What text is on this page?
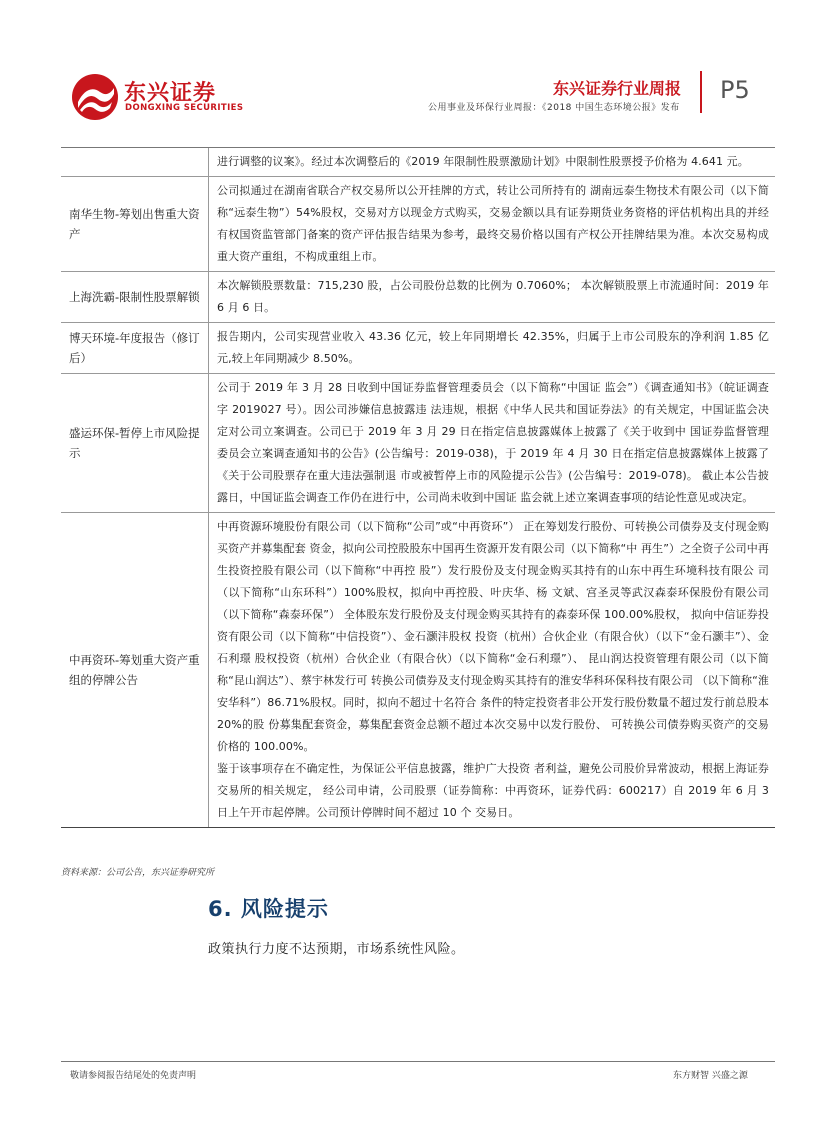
东兴证券
DONGXING SECURITIES
东兴证券行业周报
公用事业及环保行业周报：《2018 中国生态环境公报》发布
P5

进行调整的议案》。经过本次调整后的《2019 年限制性股票激励计划》中限制性股票授予价格为 4.641 元。

南华生物-筹划出售重大资产

公司拟通过在湖南省联合产权交易所以公开挂牌的方式，转让公司所持有的 湖南远泰生物技术有限公司（以下简称“远泰生物”）54%股权，交易对方以现金方式购买，交易金额以具有证券期货业务资格的评估机构出具的并经有权国资监管部门备案的资产评估报告结果为参考，最终交易价格以国有产权公开挂牌结果为准。本次交易构成重大资产重组，不构成重组上市。

上海洗霸-限制性股票解锁

本次解锁股票数量：715,230 股，占公司股份总数的比例为 0.7060%； 本次解锁股票上市流通时间：2019 年 6 月 6 日。

博天环境-年度报告（修订后）

报告期内，公司实现营业收入 43.36 亿元，较上年同期增长 42.35%，归属于上市公司股东的净利润 1.85 亿元,较上年同期减少 8.50%。

盛运环保-暂停上市风险提示

公司于 2019 年 3 月 28 日收到中国证券监督管理委员会（以下简称“中国证 监会”）《调查通知书》（皖证调查字 2019027 号）。因公司涉嫌信息披露违 法违规，根据《中华人民共和国证券法》的有关规定，中国证监会决定对公司立案调查。公司已于 2019 年 3 月 29 日在指定信息披露媒体上披露了《关于收到中 国证券监督管理委员会立案调查通知书的公告》(公告编号：2019-038)，于 2019 年 4 月 30 日在指定信息披露媒体上披露了《关于公司股票存在重大违法强制退 市或被暂停上市的风险提示公告》(公告编号：2019-078)。 截止本公告披露日，中国证监会调查工作仍在进行中，公司尚未收到中国证 监会就上述立案调查事项的结论性意见或决定。

中再资环-筹划重大资产重组的停牌公告

中再资源环境股份有限公司（以下简称“公司”或“中再资环”） 正在筹划发行股份、可转换公司债券及支付现金购买资产并募集配套 资金，拟向公司控股股东中国再生资源开发有限公司（以下简称“中 再生”）之全资子公司中再生投资控股有限公司（以下简称“中再控 股”）发行股份及支付现金购买其持有的山东中再生环境科技有限公 司（以下简称“山东环科”）100%股权，拟向中再控股、叶庆华、杨 文斌、宫圣灵等武汉森泰环保股份有限公司（以下简称“森泰环保”） 全体股东发行股份及支付现金购买其持有的森泰环保 100.00%股权， 拟向中信证券投资有限公司（以下简称“中信投资”）、金石灏沣股权 投资（杭州）合伙企业（有限合伙）（以下“金石灏丰”）、金石利璟 股权投资（杭州）合伙企业（有限合伙）（以下简称“金石利璟”）、 昆山润达投资管理有限公司（以下简称“昆山润达”）、蔡宇林发行可 转换公司债券及支付现金购买其持有的淮安华科环保科技有限公司 （以下简称“淮安华科”）86.71%股权。同时，拟向不超过十名符合 条件的特定投资者非公开发行股份数量不超过发行前总股本 20%的股 份募集配套资金，募集配套资金总额不超过本次交易中以发行股份、 可转换公司债券购买资产的交易价格的 100.00%。

鉴于该事项存在不确定性，为保证公平信息披露，维护广大投资 者利益，避免公司股价异常波动，根据上海证券交易所的相关规定， 经公司申请，公司股票（证券简称：中再资环，证券代码：600217）自 2019 年 6 月 3 日上午开市起停牌。公司预计停牌时间不超过 10 个 交易日。

资料来源：公司公告，东兴证券研究所
6. 风险提示
政策执行力度不达预期，市场系统性风险。
敬请参阅报告结尾处的免责声明	东方财智 兴盛之源
